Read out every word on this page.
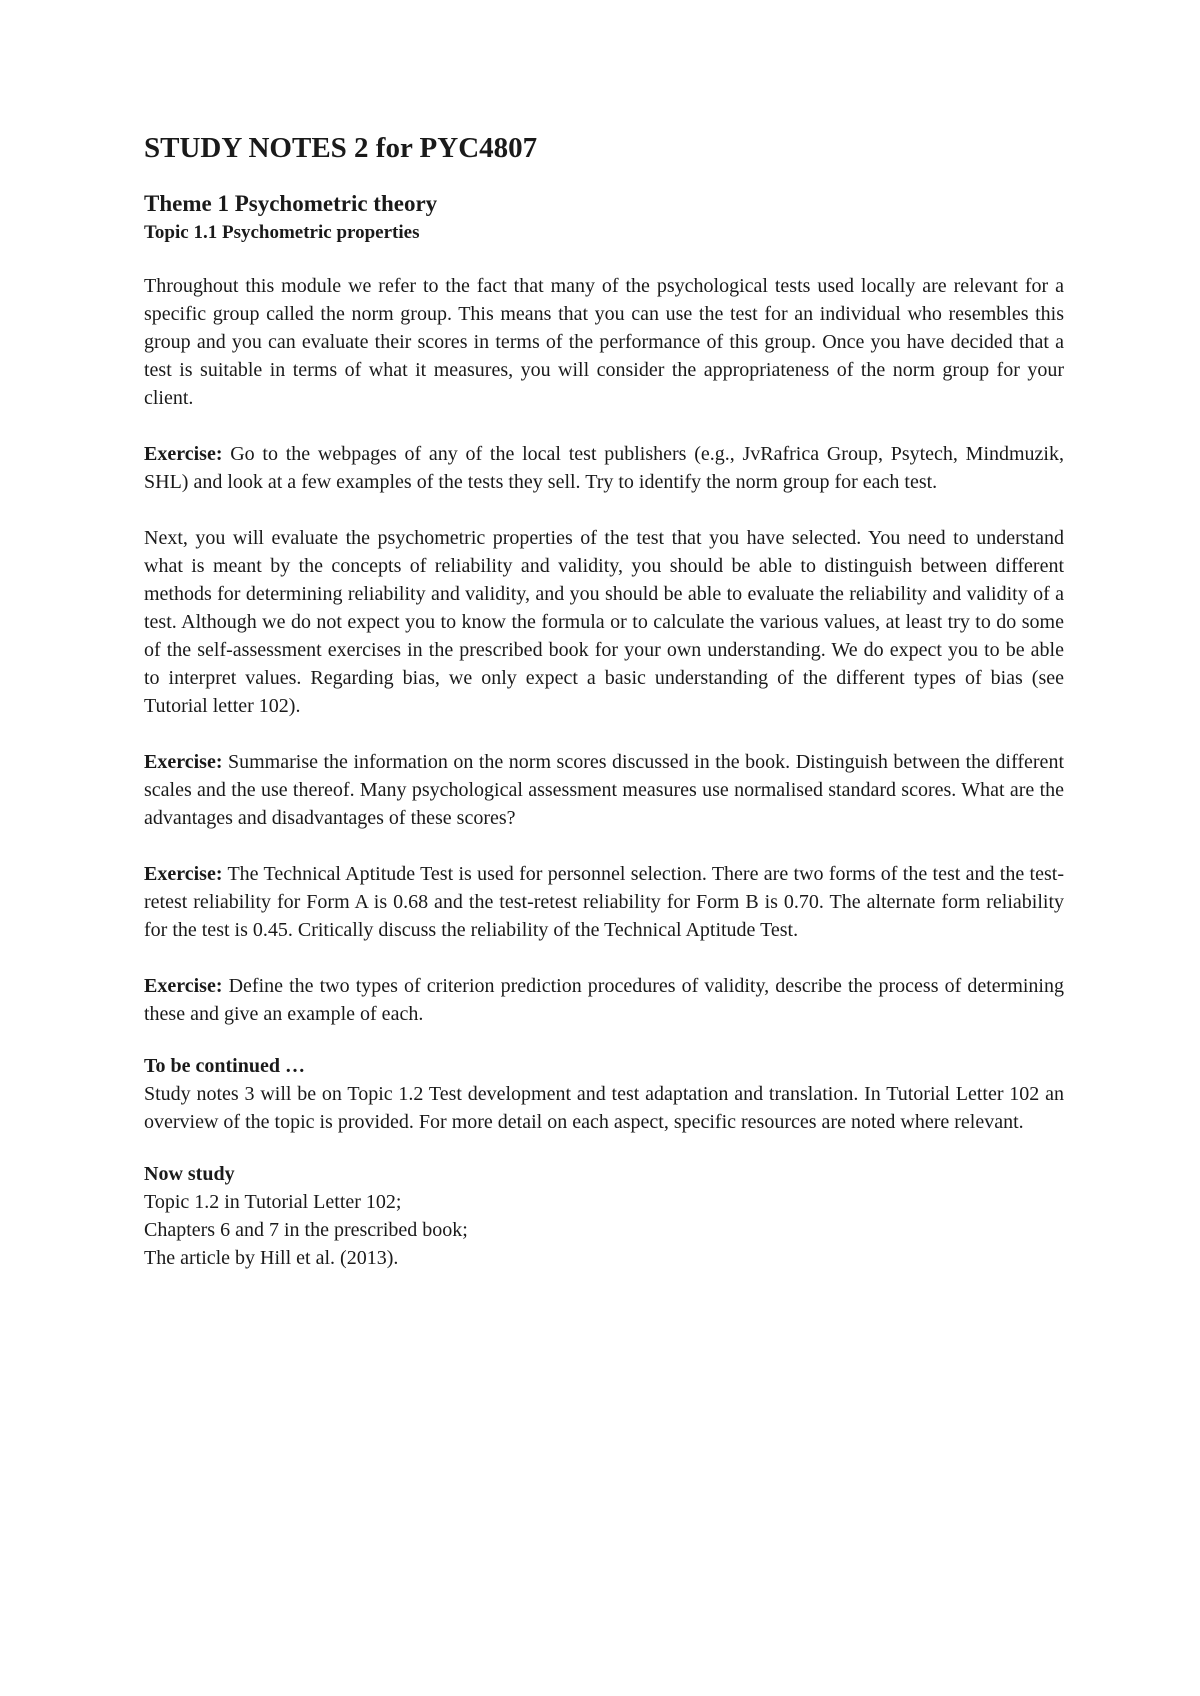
STUDY NOTES 2 for PYC4807
Theme 1 Psychometric theory
Topic 1.1 Psychometric properties

Throughout this module we refer to the fact that many of the psychological tests used locally are relevant for a specific group called the norm group. This means that you can use the test for an individual who resembles this group and you can evaluate their scores in terms of the performance of this group. Once you have decided that a test is suitable in terms of what it measures, you will consider the appropriateness of the norm group for your client.

Exercise: Go to the webpages of any of the local test publishers (e.g., JvRafrica Group, Psytech, Mindmuzik, SHL) and look at a few examples of the tests they sell. Try to identify the norm group for each test.

Next, you will evaluate the psychometric properties of the test that you have selected. You need to understand what is meant by the concepts of reliability and validity, you should be able to distinguish between different methods for determining reliability and validity, and you should be able to evaluate the reliability and validity of a test. Although we do not expect you to know the formula or to calculate the various values, at least try to do some of the self-assessment exercises in the prescribed book for your own understanding. We do expect you to be able to interpret values. Regarding bias, we only expect a basic understanding of the different types of bias (see Tutorial letter 102).

Exercise: Summarise the information on the norm scores discussed in the book. Distinguish between the different scales and the use thereof. Many psychological assessment measures use normalised standard scores. What are the advantages and disadvantages of these scores?

Exercise: The Technical Aptitude Test is used for personnel selection. There are two forms of the test and the test-retest reliability for Form A is 0.68 and the test-retest reliability for Form B is 0.70. The alternate form reliability for the test is 0.45. Critically discuss the reliability of the Technical Aptitude Test.

Exercise: Define the two types of criterion prediction procedures of validity, describe the process of determining these and give an example of each.

To be continued …

Study notes 3 will be on Topic 1.2 Test development and test adaptation and translation. In Tutorial Letter 102 an overview of the topic is provided. For more detail on each aspect, specific resources are noted where relevant.

Now study
Topic 1.2 in Tutorial Letter 102;
Chapters 6 and 7 in the prescribed book;
The article by Hill et al. (2013).
